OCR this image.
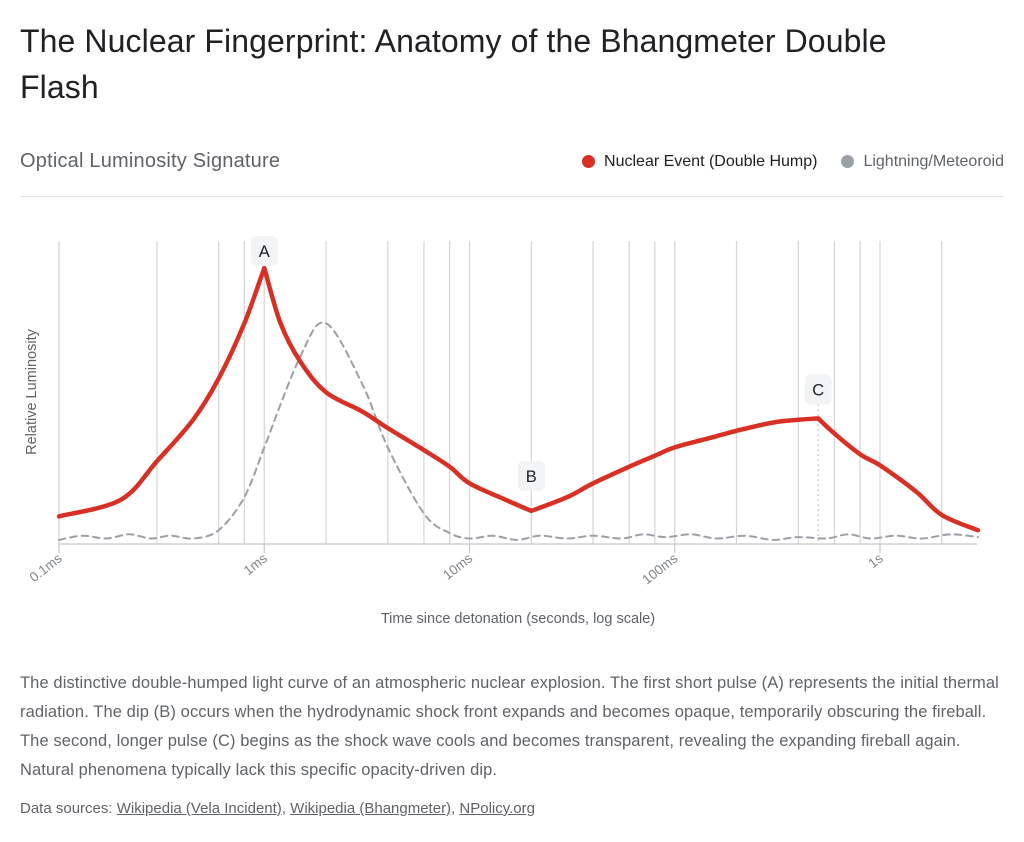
The Nuclear Fingerprint: Anatomy of the Bhangmeter Double Flash
Optical Luminosity Signature	Nuclear Event (Double Hump)	Lightning/Meteoroid
A
B
C
0.1ms	1ms	10ms	100ms	1s
Time since detonation (seconds, log scale)
Relative Luminosity

The distinctive double-humped light curve of an atmospheric nuclear explosion. The first short pulse (A) represents the initial thermal radiation. The dip (B) occurs when the hydrodynamic shock front expands and becomes opaque, temporarily obscuring the fireball. The second, longer pulse (C) begins as the shock wave cools and becomes transparent, revealing the expanding fireball again. Natural phenomena typically lack this specific opacity-driven dip.

Data sources: Wikipedia (Vela Incident), Wikipedia (Bhangmeter), NPolicy.org
